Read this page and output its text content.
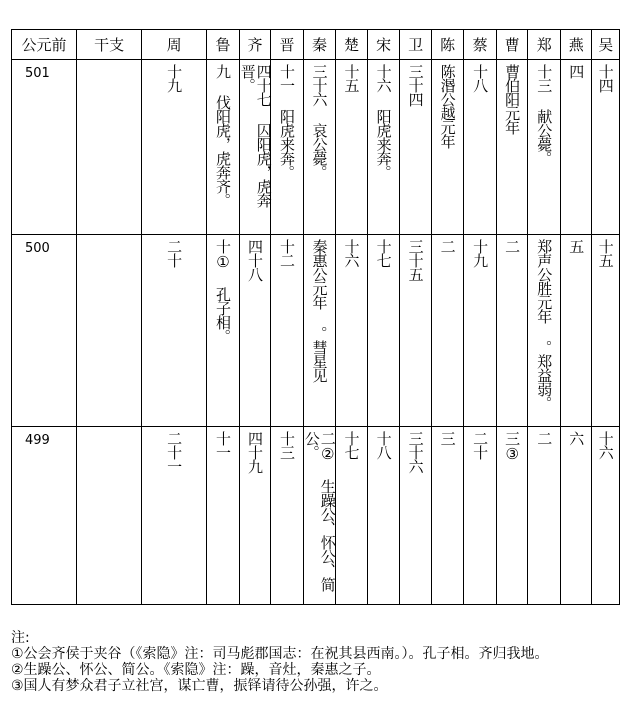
公元前	干支	周	鲁	齐	晋	秦	楚	宋	卫	陈	蔡	曹	郑	燕	吴

501		十九	九 伐阳虎，虎奔齐。	四十七 囚阳虎，虎奔晋。	十一 阳虎来奔。	三十六 哀公薨。	十五	十六 阳虎来奔。	三十四	陈湣公越元年	十八	曹伯阳元年	十三 献公薨。	四	十四

500		二十	十① 孔子相。	四十八	十二	秦惠公元年 。彗星见	十六	十七	三十五	二	十九	二	郑声公胜元年 。郑益弱。	五	十五

499		二十一	十一	四十九	十三	二② 生躁公、怀公、简公。	十七	十八	三十六	三	二十	三③	二	六	十六
注:
①公会齐侯于夹谷（《索隐》注：司马彪郡国志：在祝其县西南。）。孔子相。齐归我地。
②生躁公、怀公、简公。《索隐》注：躁，音灶，秦惠之子。
③国人有梦众君子立社宫，谋亡曹，振铎请待公孙强，许之。
